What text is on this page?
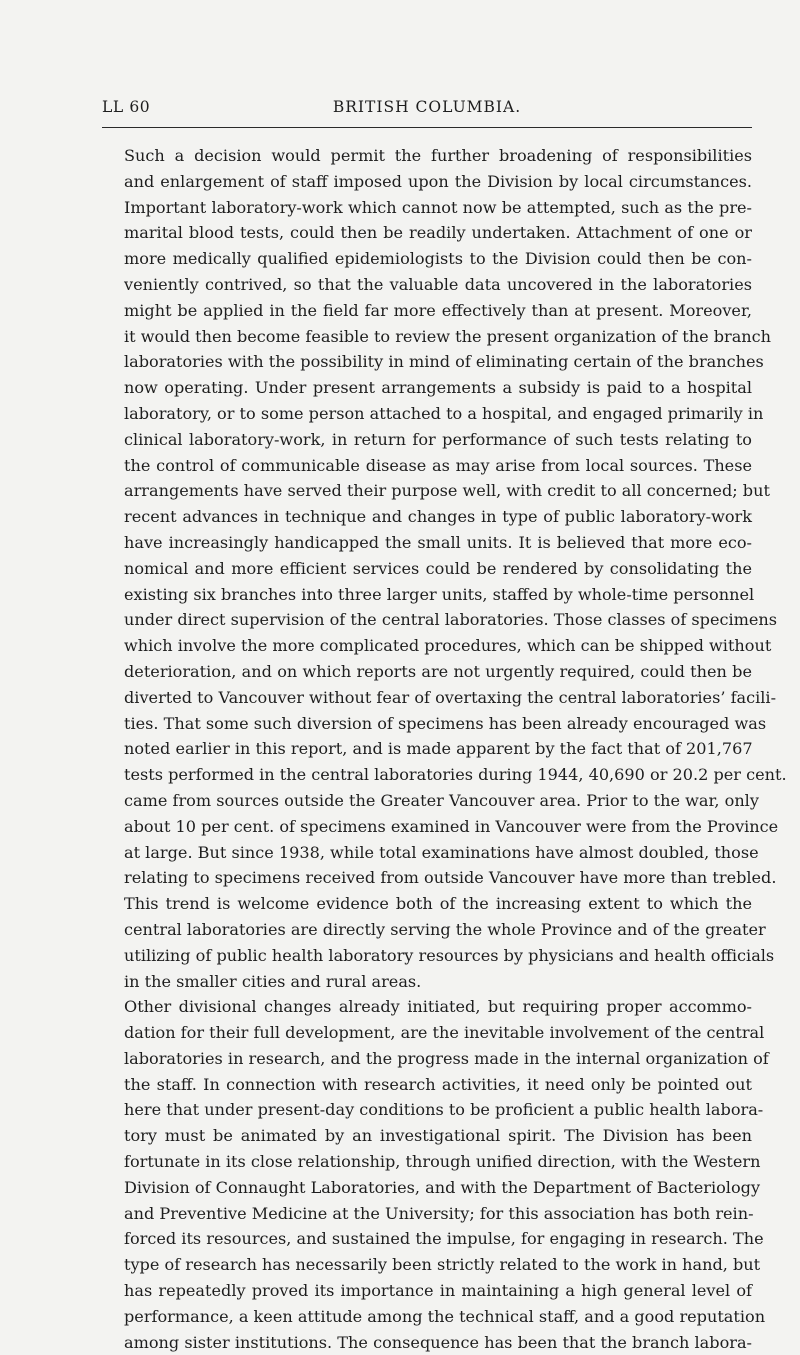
LL 60	BRITISH COLUMBIA.

Such a decision would permit the further broadening of responsibilities
and enlargement of staff imposed upon the Division by local circumstances.
Important laboratory-work which cannot now be attempted, such as the pre-
marital blood tests, could then be readily undertaken. Attachment of one or
more medically qualified epidemiologists to the Division could then be con-
veniently contrived, so that the valuable data uncovered in the laboratories
might be applied in the field far more effectively than at present. Moreover,
it would then become feasible to review the present organization of the branch
laboratories with the possibility in mind of eliminating certain of the branches
now operating. Under present arrangements a subsidy is paid to a hospital
laboratory, or to some person attached to a hospital, and engaged primarily in
clinical laboratory-work, in return for performance of such tests relating to
the control of communicable disease as may arise from local sources. These
arrangements have served their purpose well, with credit to all concerned; but
recent advances in technique and changes in type of public laboratory-work
have increasingly handicapped the small units. It is believed that more eco-
nomical and more efficient services could be rendered by consolidating the
existing six branches into three larger units, staffed by whole-time personnel
under direct supervision of the central laboratories. Those classes of specimens
which involve the more complicated procedures, which can be shipped without
deterioration, and on which reports are not urgently required, could then be
diverted to Vancouver without fear of overtaxing the central laboratories’ facili-
ties. That some such diversion of specimens has been already encouraged was
noted earlier in this report, and is made apparent by the fact that of 201,767
tests performed in the central laboratories during 1944, 40,690 or 20.2 per cent.
came from sources outside the Greater Vancouver area. Prior to the war, only
about 10 per cent. of specimens examined in Vancouver were from the Province
at large. But since 1938, while total examinations have almost doubled, those
relating to specimens received from outside Vancouver have more than trebled.
This trend is welcome evidence both of the increasing extent to which the
central laboratories are directly serving the whole Province and of the greater
utilizing of public health laboratory resources by physicians and health officials
in the smaller cities and rural areas.

Other divisional changes already initiated, but requiring proper accommo-
dation for their full development, are the inevitable involvement of the central
laboratories in research, and the progress made in the internal organization of
the staff. In connection with research activities, it need only be pointed out
here that under present-day conditions to be proficient a public health labora-
tory must be animated by an investigational spirit. The Division has been
fortunate in its close relationship, through unified direction, with the Western
Division of Connaught Laboratories, and with the Department of Bacteriology
and Preventive Medicine at the University; for this association has both rein-
forced its resources, and sustained the impulse, for engaging in research. The
type of research has necessarily been strictly related to the work in hand, but
has repeatedly proved its importance in maintaining a high general level of
performance, a keen attitude among the technical staff, and a good reputation
among sister institutions. The consequence has been that the branch labora-
